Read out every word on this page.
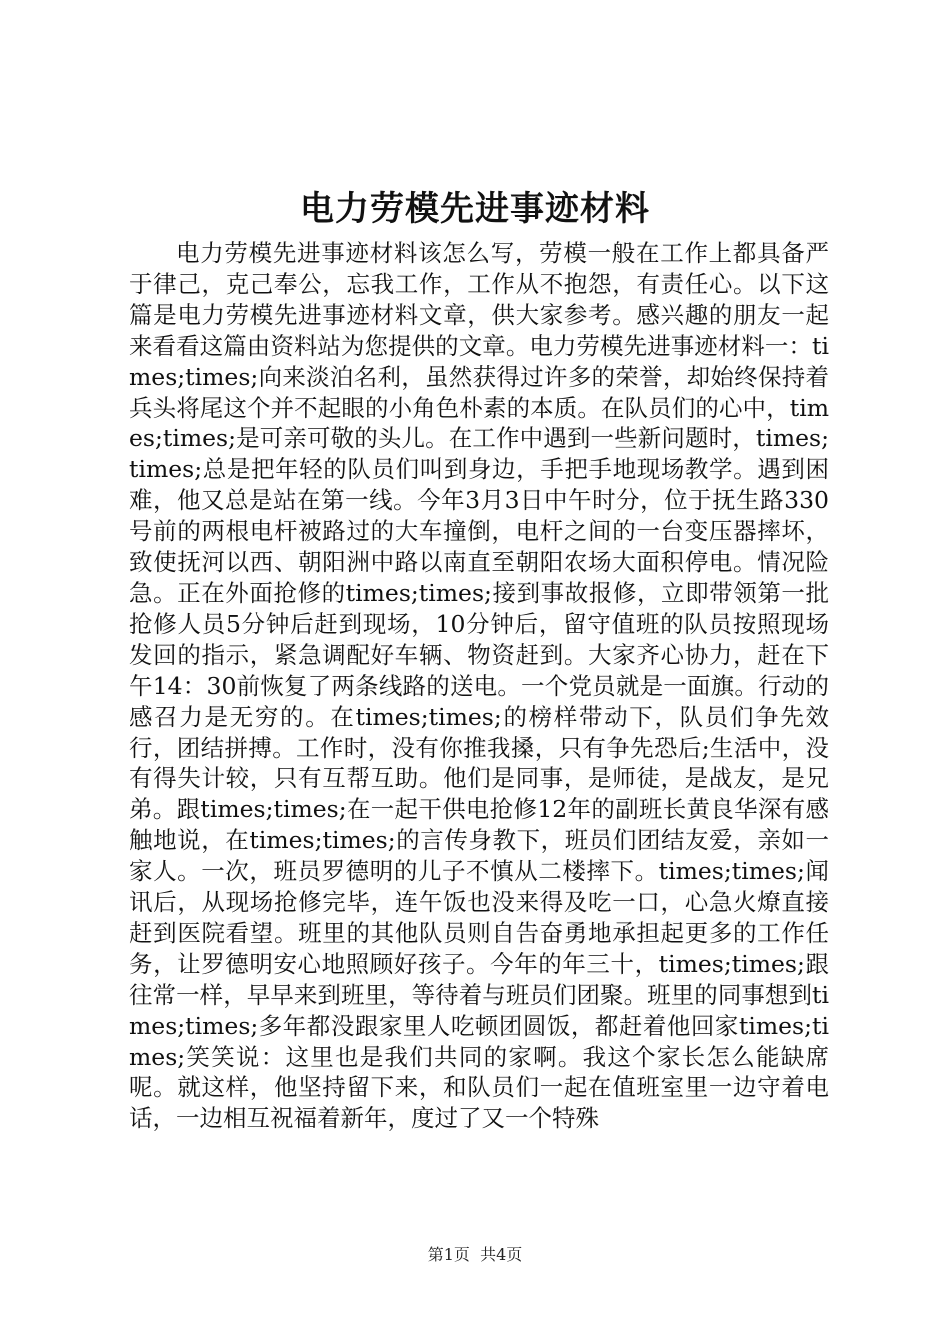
电力劳模先进事迹材料
电力劳模先进事迹材料该怎么写，劳模一般在工作上都具备严于律己，克己奉公，忘我工作，工作从不抱怨，有责任心。以下这篇是电力劳模先进事迹材料文章，供大家参考。感兴趣的朋友一起来看看这篇由资料站为您提供的文章。电力劳模先进事迹材料一：times;times;向来淡泊名利，虽然获得过许多的荣誉，却始终保持着兵头将尾这个并不起眼的小角色朴素的本质。在队员们的心中，times;times;是可亲可敬的头儿。在工作中遇到一些新问题时，times;times;总是把年轻的队员们叫到身边，手把手地现场教学。遇到困难，他又总是站在第一线。今年3月3日中午时分，位于抚生路330号前的两根电杆被路过的大车撞倒，电杆之间的一台变压器摔坏，致使抚河以西、朝阳洲中路以南直至朝阳农场大面积停电。情况险急。正在外面抢修的times;times;接到事故报修，立即带领第一批抢修人员5分钟后赶到现场，10分钟后，留守值班的队员按照现场发回的指示，紧急调配好车辆、物资赶到。大家齐心协力，赶在下午14：30前恢复了两条线路的送电。一个党员就是一面旗。行动的感召力是无穷的。在times;times;的榜样带动下，队员们争先效行，团结拼搏。工作时，没有你推我搡，只有争先恐后;生活中，没有得失计较，只有互帮互助。他们是同事，是师徒，是战友，是兄弟。跟times;times;在一起干供电抢修12年的副班长黄良华深有感触地说，在times;times;的言传身教下，班员们团结友爱，亲如一家人。一次，班员罗德明的儿子不慎从二楼摔下。times;times;闻讯后，从现场抢修完毕，连午饭也没来得及吃一口，心急火燎直接赶到医院看望。班里的其他队员则自告奋勇地承担起更多的工作任务，让罗德明安心地照顾好孩子。今年的年三十，times;times;跟往常一样，早早来到班里，等待着与班员们团聚。班里的同事想到times;times;多年都没跟家里人吃顿团圆饭，都赶着他回家times;times;笑笑说：这里也是我们共同的家啊。我这个家长怎么能缺席呢。就这样，他坚持留下来，和队员们一起在值班室里一边守着电话，一边相互祝福着新年，度过了又一个特殊
第1页 共4页
